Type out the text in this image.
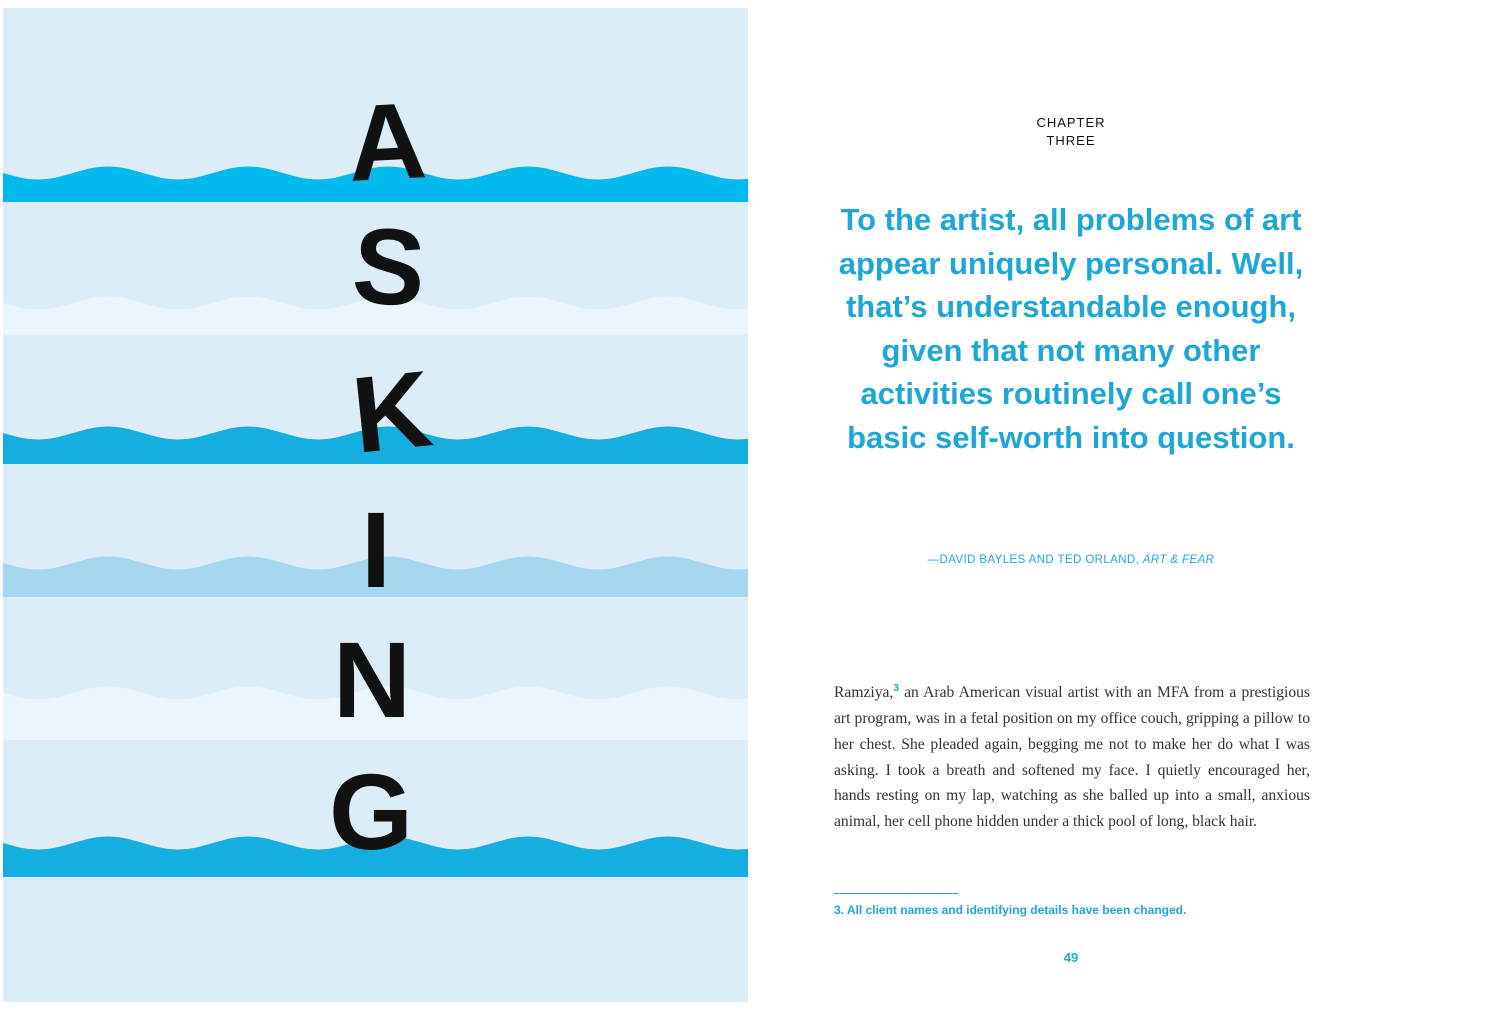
A
S
K
I
N
G
CHAPTER
THREE
To the artist, all problems of art appear uniquely personal. Well, that’s understandable enough, given that not many other activities routinely call one’s basic self-worth into question.
—DAVID BAYLES AND TED ORLAND, ART & FEAR
Ramziya,$^3$ an Arab American visual artist with an MFA from a prestigious art program, was in a fetal position on my office couch, gripping a pillow to her chest. She pleaded again, begging me not to make her do what I was asking. I took a breath and softened my face. I quietly encouraged her, hands resting on my lap, watching as she balled up into a small, anxious animal, her cell phone hidden under a thick pool of long, black hair.
3. All client names and identifying details have been changed.
49
